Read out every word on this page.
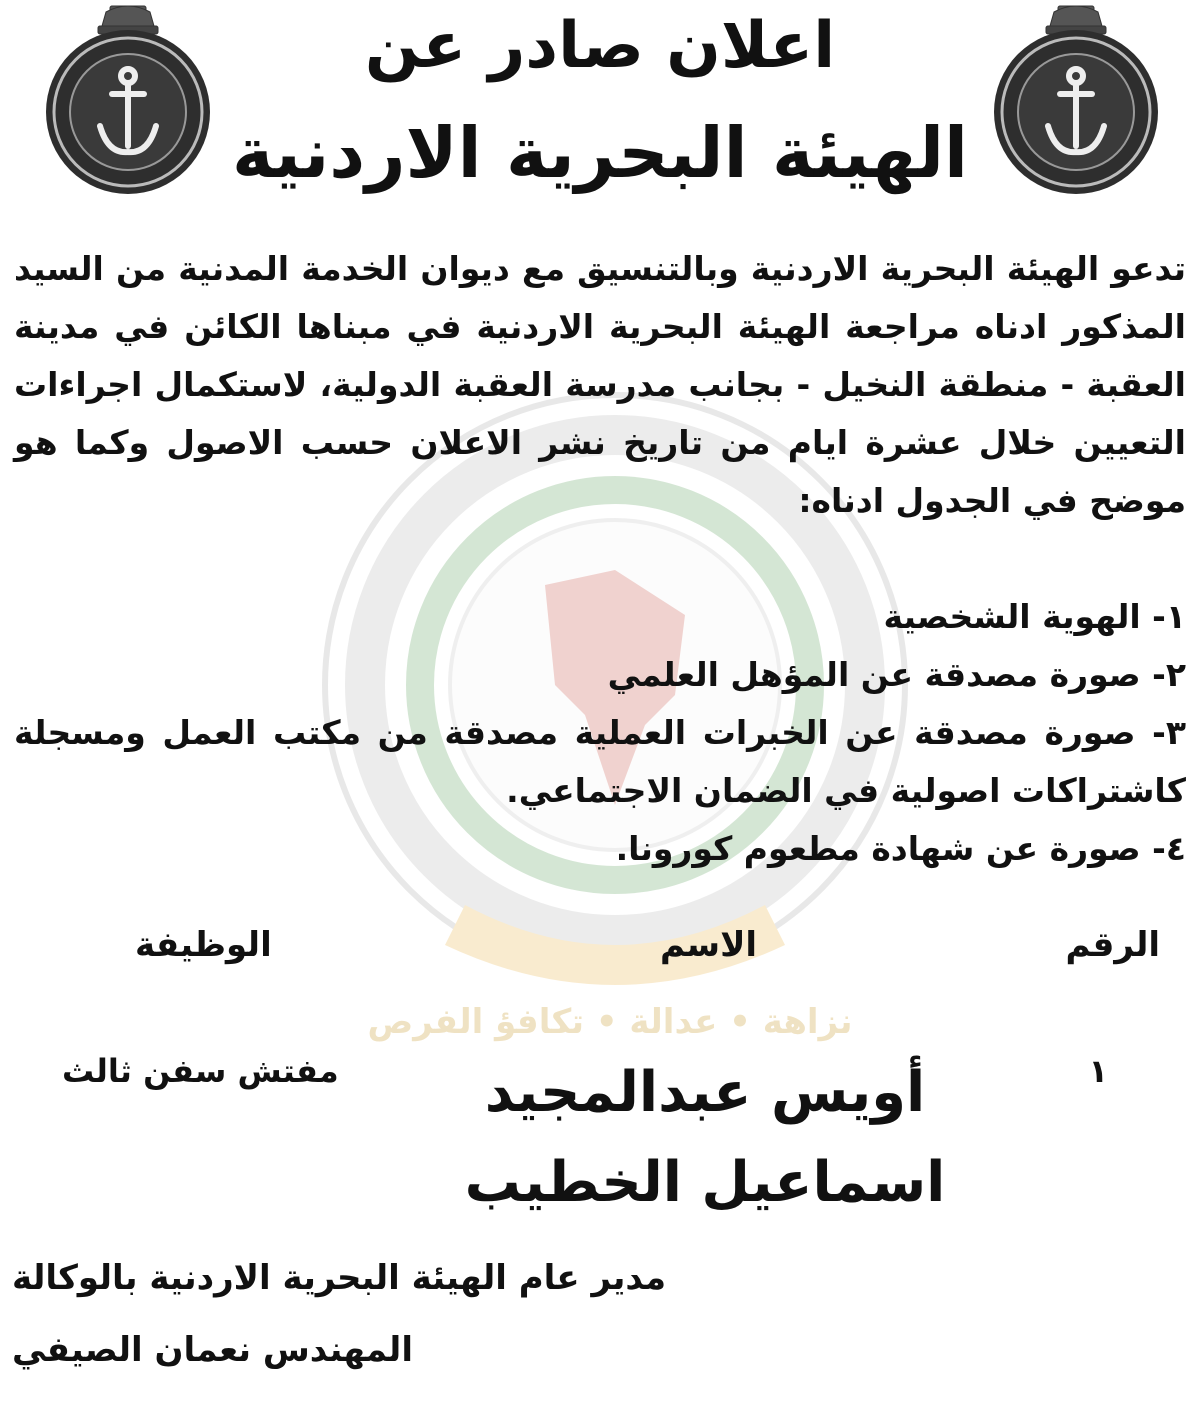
نزاهة • عدالة • تكافؤ الفرص
اعلان صادر عن
الهيئة البحرية الاردنية

تدعو الهيئة البحرية الاردنية وبالتنسيق مع ديوان الخدمة المدنية من السيد المذكور ادناه مراجعة الهيئة البحرية الاردنية في مبناها الكائن في مدينة العقبة - منطقة النخيل - بجانب مدرسة العقبة الدولية، لاستكمال اجراءات التعيين خلال عشرة ايام من تاريخ نشر الاعلان حسب الاصول وكما هو موضح في الجدول ادناه:

١- الهوية الشخصية

٢- صورة مصدقة عن المؤهل العلمي

٣- صورة مصدقة عن الخبرات العملية مصدقة من مكتب العمل ومسجلة كاشتراكات اصولية في الضمان الاجتماعي.

٤- صورة عن شهادة مطعوم كورونا.

الرقم

الاسم

الوظيفة

١
أويس عبدالمجيد
اسماعيل الخطيب
مفتش سفن ثالث

مدير عام الهيئة البحرية الاردنية بالوكالة

المهندس نعمان الصيفي
